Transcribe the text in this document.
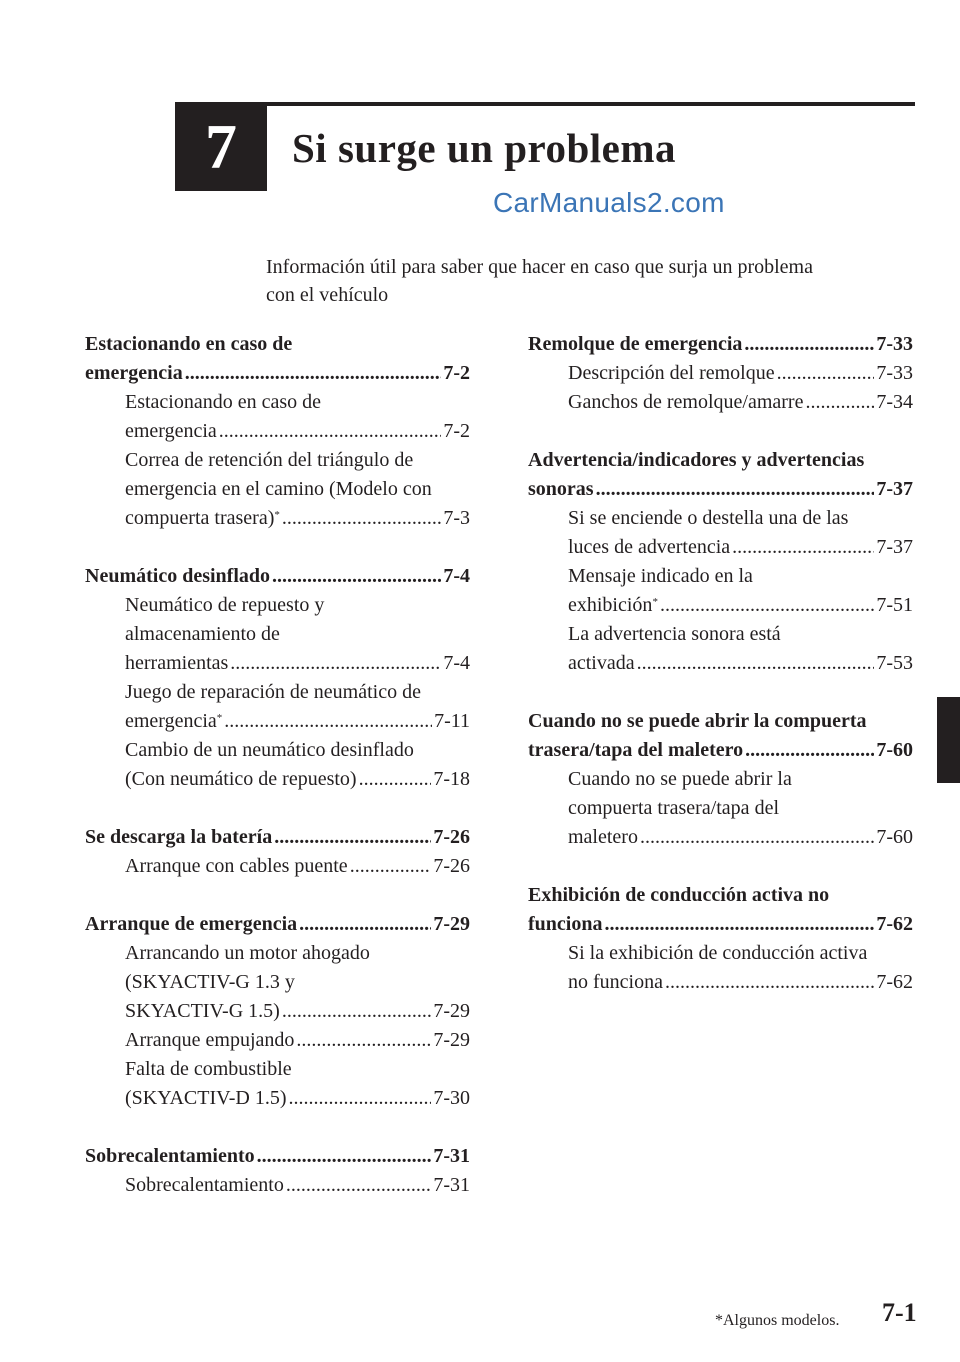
7 Si surge un problema
CarManuals2.com
Información útil para saber que hacer en caso que surja un problema
con el vehículo
Estacionando en caso de
emergencia .....	7-2
Estacionando en caso de
emergencia .....	7-2
Correa de retención del triángulo de
emergencia en el camino (Modelo con
compuerta trasera)* .....	7-3
Neumático desinflado .....	7-4
Neumático de repuesto y
almacenamiento de
herramientas .....	7-4
Juego de reparación de neumático de
emergencia* .....	7-11
Cambio de un neumático desinflado
(Con neumático de repuesto) .....	7-18
Se descarga la batería .....	7-26
Arranque con cables puente .....	7-26
Arranque de emergencia .....	7-29
Arrancando un motor ahogado
(SKYACTIV-G 1.3 y
SKYACTIV-G 1.5) .....	7-29
Arranque empujando .....	7-29
Falta de combustible
(SKYACTIV-D 1.5) .....	7-30
Sobrecalentamiento .....	7-31
Sobrecalentamiento .....	7-31
Remolque de emergencia .....	7-33
Descripción del remolque .....	7-33
Ganchos de remolque/amarre .....	7-34
Advertencia/indicadores y advertencias
sonoras .....	7-37
Si se enciende o destella una de las
luces de advertencia .....	7-37
Mensaje indicado en la
exhibición* .....	7-51
La advertencia sonora está
activada .....	7-53
Cuando no se puede abrir la compuerta
trasera/tapa del maletero .....	7-60
Cuando no se puede abrir la
compuerta trasera/tapa del
maletero .....	7-60
Exhibición de conducción activa no
funciona .....	7-62
Si la exhibición de conducción activa
no funciona .....	7-62
*Algunos modelos. 7-1
